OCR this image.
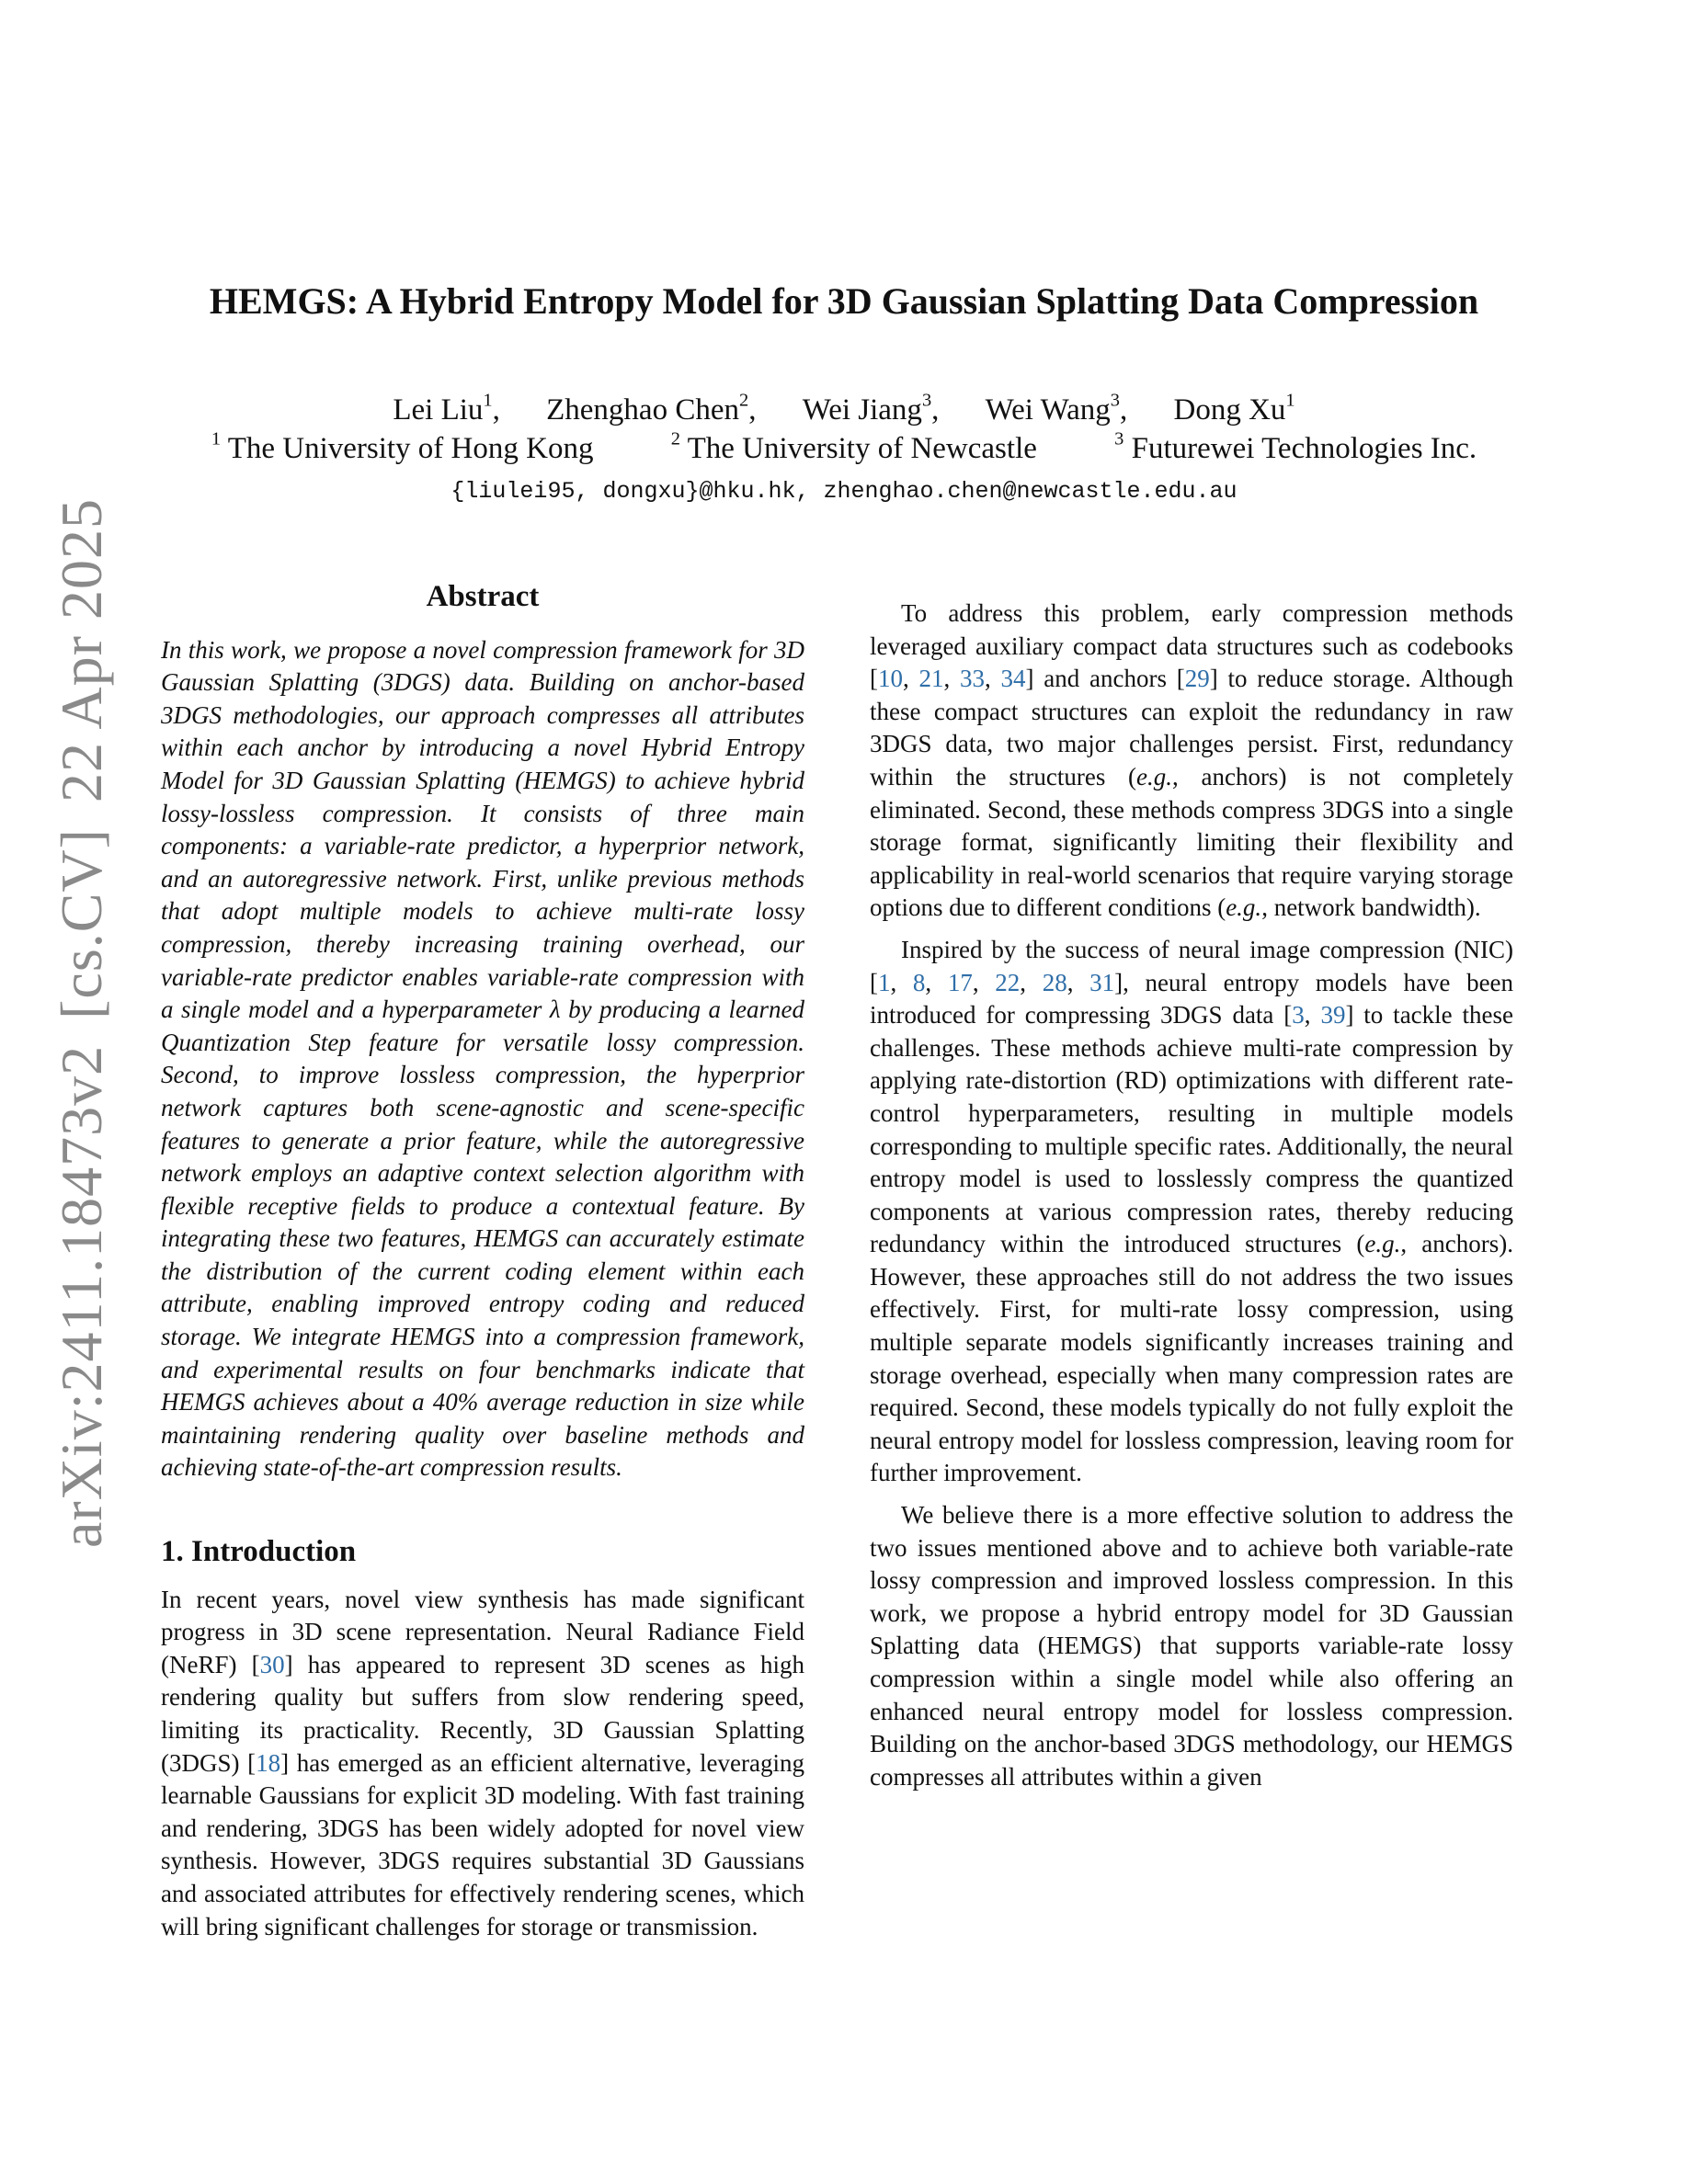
arXiv:2411.18473v2[cs.CV]22 Apr 2025
HEMGS: A Hybrid Entropy Model for 3D Gaussian Splatting Data Compression
Lei Liu$^1$, Zhenghao Chen$^2$, Wei Jiang$^3$, Wei Wang$^3$, Dong Xu$^1$
$^1$ The University of Hong Kong	$^2$ The University of Newcastle	$^3$ Futurewei Technologies Inc.
{liulei95, dongxu}@hku.hk, zhenghao.chen@newcastle.edu.au
Abstract

In this work, we propose a novel compression framework for 3D Gaussian Splatting (3DGS) data. Building on anchor-based 3DGS methodologies, our approach compresses all attributes within each anchor by introducing a novel Hybrid Entropy Model for 3D Gaussian Splatting (HEMGS) to achieve hybrid lossy-lossless compression. It consists of three main components: a variable-rate predictor, a hyperprior network, and an autoregressive network. First, unlike previous methods that adopt multiple models to achieve multi-rate lossy compression, thereby increasing training overhead, our variable-rate predictor enables variable-rate compression with a single model and a hyperparameter λ by producing a learned Quantization Step feature for versatile lossy compression. Second, to improve lossless compression, the hyperprior network captures both scene-agnostic and scene-specific features to generate a prior feature, while the autoregressive network employs an adaptive context selection algorithm with flexible receptive fields to produce a contextual feature. By integrating these two features, HEMGS can accurately estimate the distribution of the current coding element within each attribute, enabling improved entropy coding and reduced storage. We integrate HEMGS into a compression framework, and experimental results on four benchmarks indicate that HEMGS achieves about a 40% average reduction in size while maintaining rendering quality over baseline methods and achieving state-of-the-art compression results.

1. Introduction

In recent years, novel view synthesis has made significant progress in 3D scene representation. Neural Radiance Field (NeRF) [30] has appeared to represent 3D scenes as high rendering quality but suffers from slow rendering speed, limiting its practicality. Recently, 3D Gaussian Splatting (3DGS) [18] has emerged as an efficient alternative, leveraging learnable Gaussians for explicit 3D modeling. With fast training and rendering, 3DGS has been widely adopted for novel view synthesis. However, 3DGS requires substantial 3D Gaussians and associated attributes for effectively rendering scenes, which will bring significant challenges for storage or transmission.

To address this problem, early compression methods leveraged auxiliary compact data structures such as codebooks [10, 21, 33, 34] and anchors [29] to reduce storage. Although these compact structures can exploit the redundancy in raw 3DGS data, two major challenges persist. First, redundancy within the structures (e.g., anchors) is not completely eliminated. Second, these methods compress 3DGS into a single storage format, significantly limiting their flexibility and applicability in real-world scenarios that require varying storage options due to different conditions (e.g., network bandwidth).

Inspired by the success of neural image compression (NIC) [1, 8, 17, 22, 28, 31], neural entropy models have been introduced for compressing 3DGS data [3, 39] to tackle these challenges. These methods achieve multi-rate compression by applying rate-distortion (RD) optimizations with different rate-control hyperparameters, resulting in multiple models corresponding to multiple specific rates. Additionally, the neural entropy model is used to losslessly compress the quantized components at various compression rates, thereby reducing redundancy within the introduced structures (e.g., anchors). However, these approaches still do not address the two issues effectively. First, for multi-rate lossy compression, using multiple separate models significantly increases training and storage overhead, especially when many compression rates are required. Second, these models typically do not fully exploit the neural entropy model for lossless compression, leaving room for further improvement.

We believe there is a more effective solution to address the two issues mentioned above and to achieve both variable-rate lossy compression and improved lossless compression. In this work, we propose a hybrid entropy model for 3D Gaussian Splatting data (HEMGS) that supports variable-rate lossy compression within a single model while also offering an enhanced neural entropy model for lossless compression. Building on the anchor-based 3DGS methodology, our HEMGS compresses all attributes within a given
